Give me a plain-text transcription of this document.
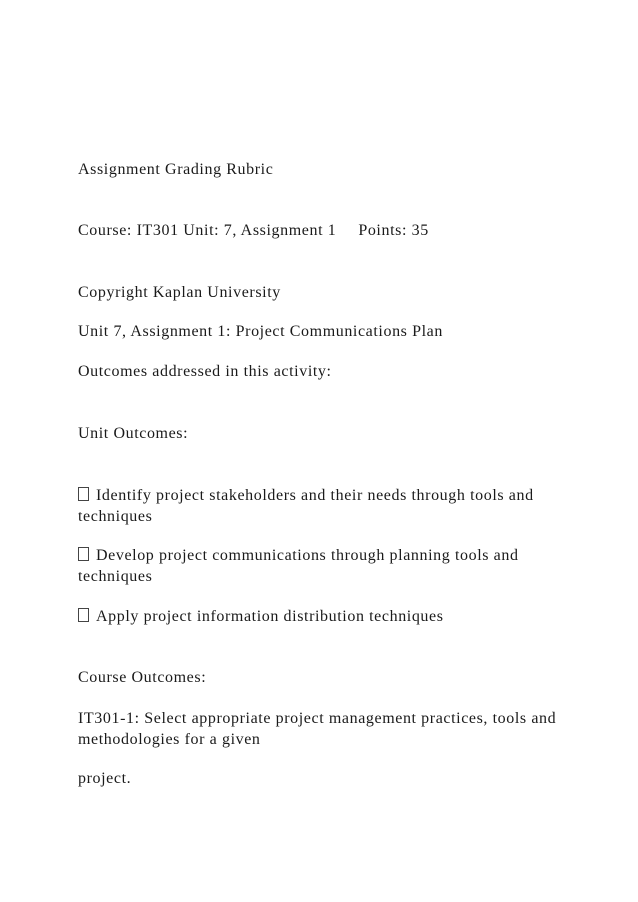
Assignment Grading Rubric
Course: IT301 Unit: 7, Assignment 1 Points: 35
Copyright Kaplan University
Unit 7, Assignment 1: Project Communications Plan
Outcomes addressed in this activity:
Unit Outcomes:
Identify project stakeholders and their needs through tools and techniques
Develop project communications through planning tools and techniques
Apply project information distribution techniques
Course Outcomes:
IT301-1: Select appropriate project management practices, tools and methodologies for a given
project.
